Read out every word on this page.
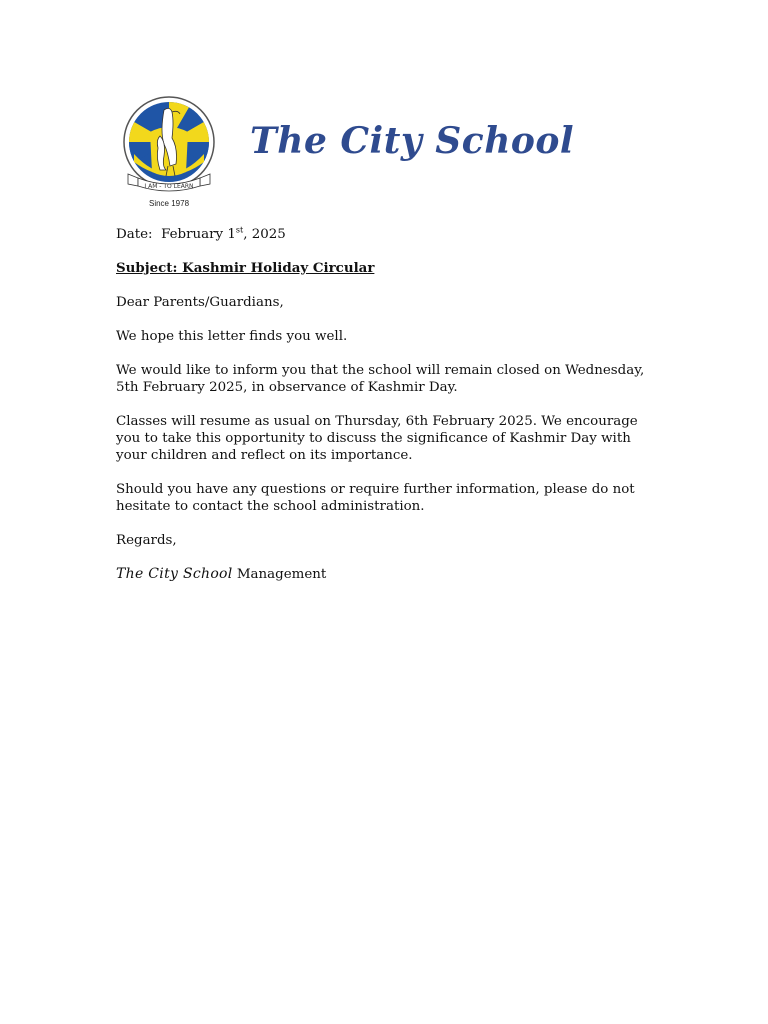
I AM - TO LEARN
Since 1978
The City School

Date: February 1st, 2025

Subject: Kashmir Holiday Circular

Dear Parents/Guardians,

We hope this letter finds you well.

We would like to inform you that the school will remain closed on Wednesday, 5th February 2025, in observance of Kashmir Day.

Classes will resume as usual on Thursday, 6th February 2025. We encourage you to take this opportunity to discuss the significance of Kashmir Day with your children and reflect on its importance.

Should you have any questions or require further information, please do not hesitate to contact the school administration.

Regards,

The City School Management
